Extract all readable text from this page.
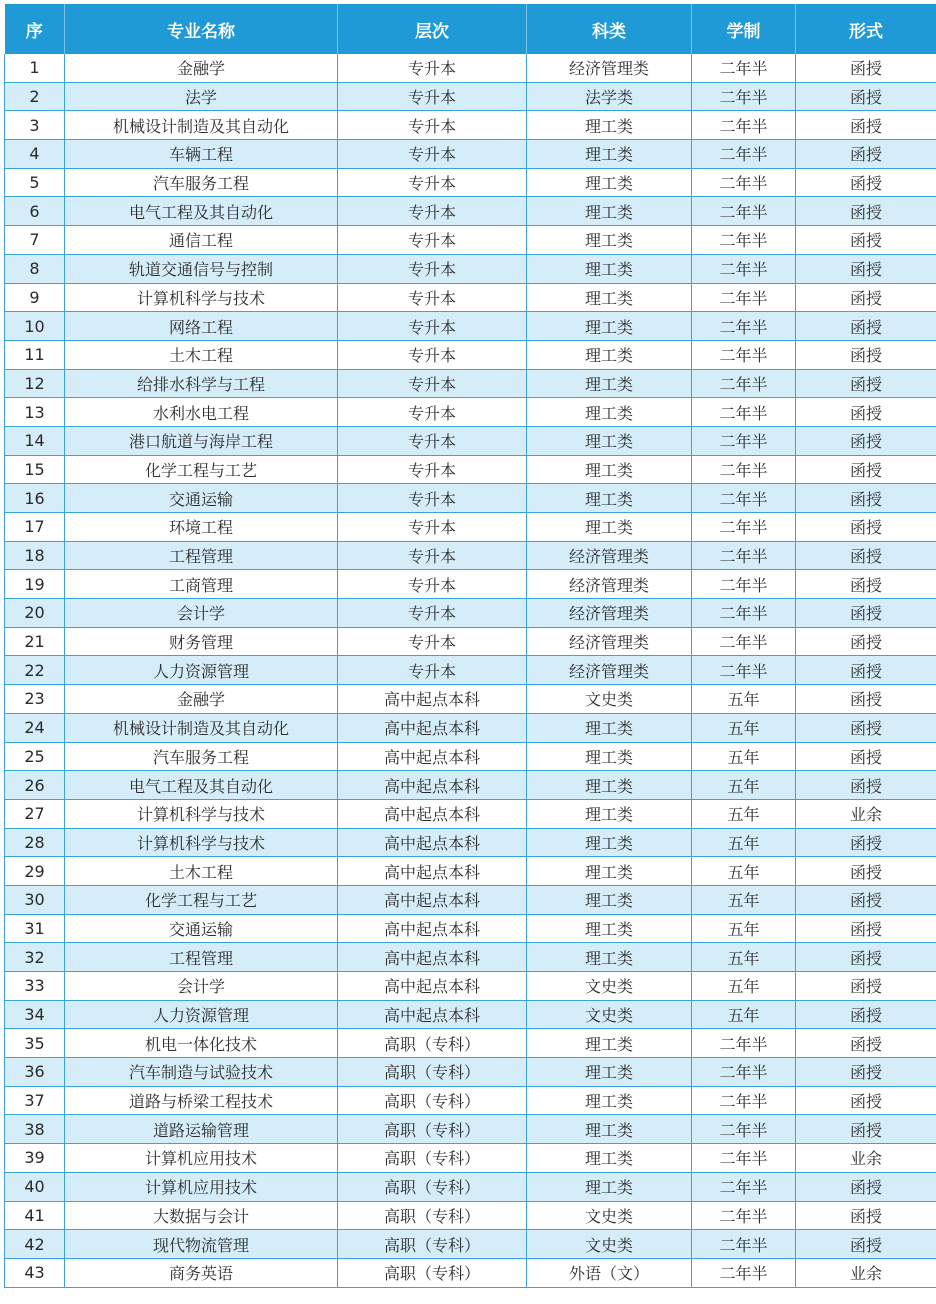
序	专业名称	层次	科类	学制	形式
1	金融学	专升本	经济管理类	二年半	函授
2	法学	专升本	法学类	二年半	函授
3	机械设计制造及其自动化	专升本	理工类	二年半	函授
4	车辆工程	专升本	理工类	二年半	函授
5	汽车服务工程	专升本	理工类	二年半	函授
6	电气工程及其自动化	专升本	理工类	二年半	函授
7	通信工程	专升本	理工类	二年半	函授
8	轨道交通信号与控制	专升本	理工类	二年半	函授
9	计算机科学与技术	专升本	理工类	二年半	函授
10	网络工程	专升本	理工类	二年半	函授
11	土木工程	专升本	理工类	二年半	函授
12	给排水科学与工程	专升本	理工类	二年半	函授
13	水利水电工程	专升本	理工类	二年半	函授
14	港口航道与海岸工程	专升本	理工类	二年半	函授
15	化学工程与工艺	专升本	理工类	二年半	函授
16	交通运输	专升本	理工类	二年半	函授
17	环境工程	专升本	理工类	二年半	函授
18	工程管理	专升本	经济管理类	二年半	函授
19	工商管理	专升本	经济管理类	二年半	函授
20	会计学	专升本	经济管理类	二年半	函授
21	财务管理	专升本	经济管理类	二年半	函授
22	人力资源管理	专升本	经济管理类	二年半	函授
23	金融学	高中起点本科	文史类	五年	函授
24	机械设计制造及其自动化	高中起点本科	理工类	五年	函授
25	汽车服务工程	高中起点本科	理工类	五年	函授
26	电气工程及其自动化	高中起点本科	理工类	五年	函授
27	计算机科学与技术	高中起点本科	理工类	五年	业余
28	计算机科学与技术	高中起点本科	理工类	五年	函授
29	土木工程	高中起点本科	理工类	五年	函授
30	化学工程与工艺	高中起点本科	理工类	五年	函授
31	交通运输	高中起点本科	理工类	五年	函授
32	工程管理	高中起点本科	理工类	五年	函授
33	会计学	高中起点本科	文史类	五年	函授
34	人力资源管理	高中起点本科	文史类	五年	函授
35	机电一体化技术	高职（专科）	理工类	二年半	函授
36	汽车制造与试验技术	高职（专科）	理工类	二年半	函授
37	道路与桥梁工程技术	高职（专科）	理工类	二年半	函授
38	道路运输管理	高职（专科）	理工类	二年半	函授
39	计算机应用技术	高职（专科）	理工类	二年半	业余
40	计算机应用技术	高职（专科）	理工类	二年半	函授
41	大数据与会计	高职（专科）	文史类	二年半	函授
42	现代物流管理	高职（专科）	文史类	二年半	函授
43	商务英语	高职（专科）	外语（文）	二年半	业余
